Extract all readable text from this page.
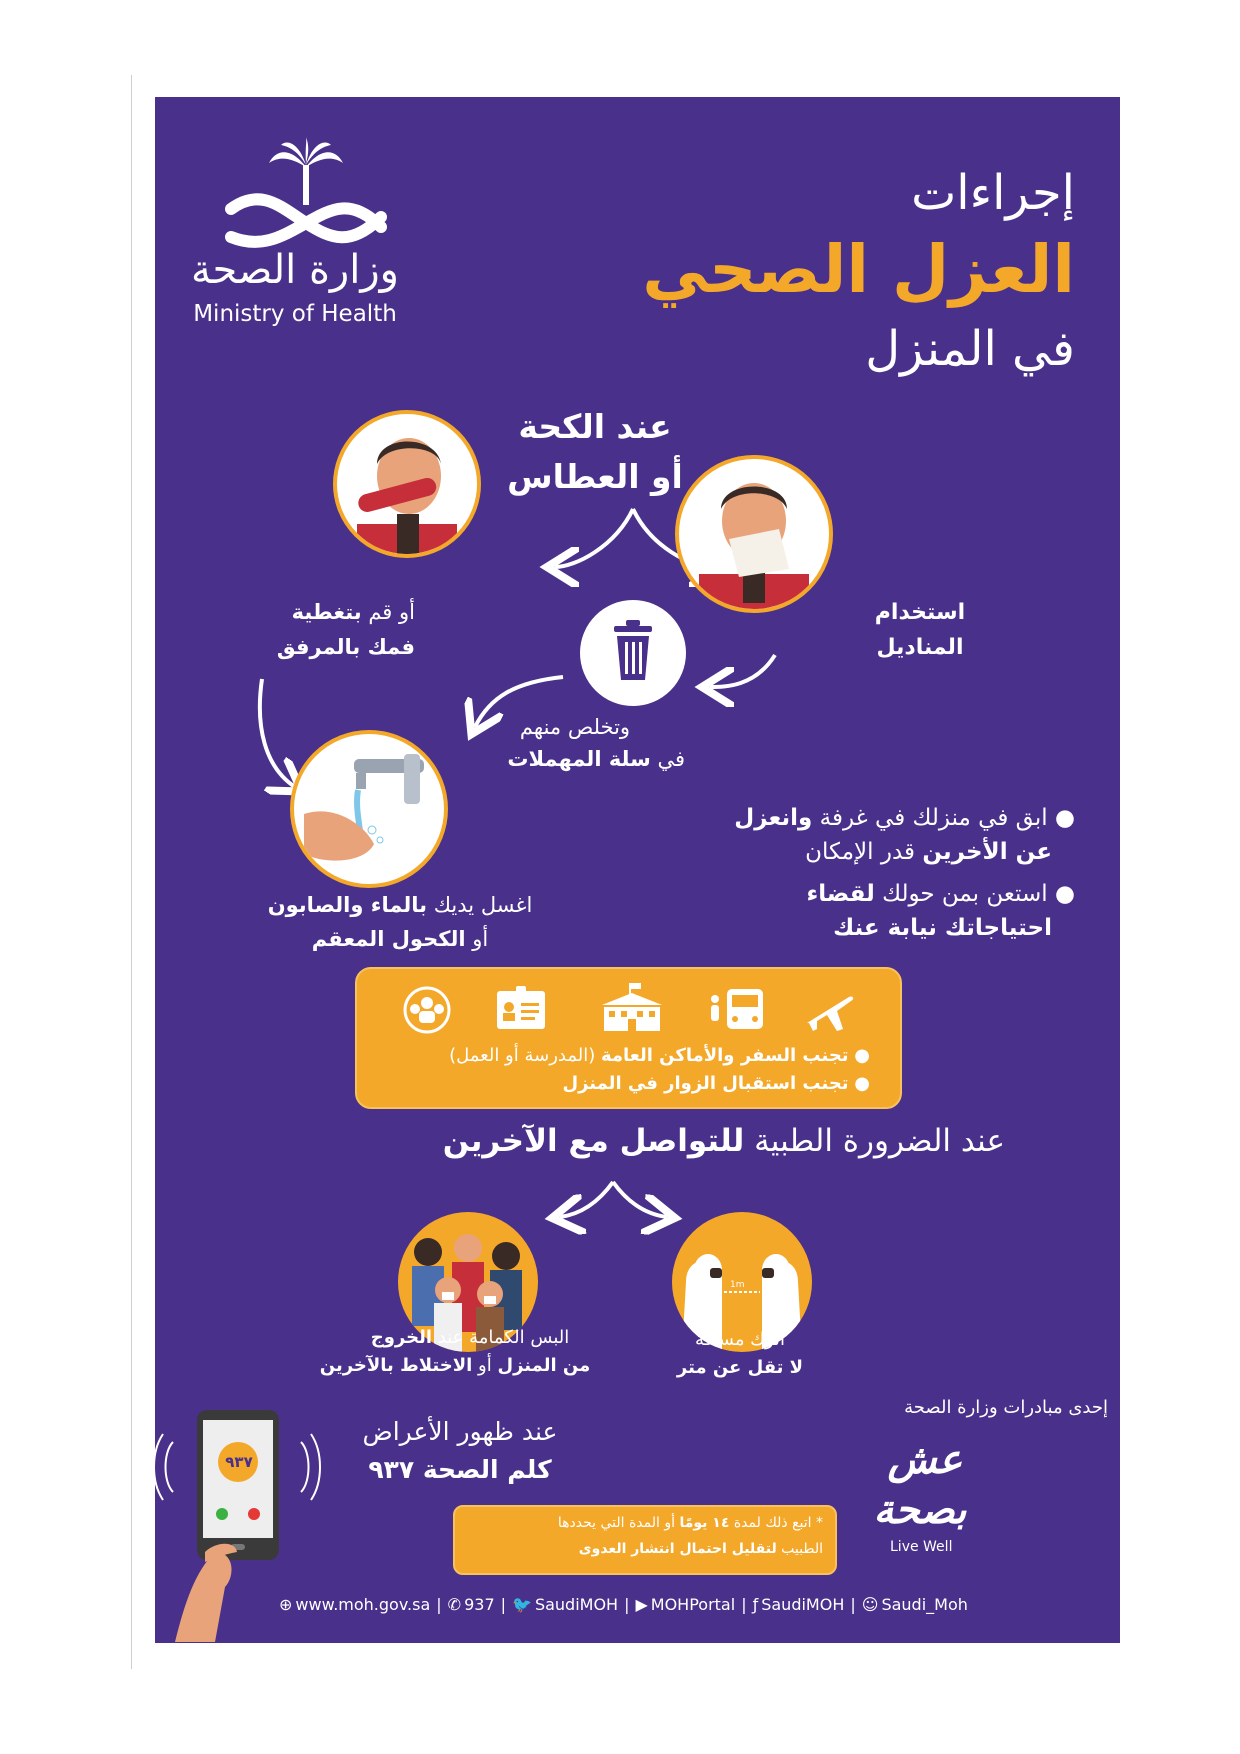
وزارة الصحة
Ministry of Health
إجراءات
العزل الصحي
في المنزل
عند الكحة
أو العطاس
أو قم بتغطية
فمك بالمرفق
استخدام
المناديل
وتخلص منهم
في سلة المهملات
اغسل يديك بالماء والصابون
أو الكحول المعقم
● ابق في منزلك في غرفة وانعزل
عن الأخرين قدر الإمكان
● استعن بمن حولك لقضاء
احتياجاتك نيابة عنك
● تجنب السفر والأماكن العامة (المدرسة أو العمل)
● تجنب استقبال الزوار في المنزل
عند الضرورة الطبية للتواصل مع الآخرين
1m
البس الكمامة عند الخروج
من المنزل أو الاختلاط بالآخرين
اترك مسافة
لا تقل عن متر
٩٣٧
عند ظهور الأعراض
كلم الصحة ٩٣٧
إحدى مبادرات وزارة الصحة
عش
بصحة
Live Well
* اتبع ذلك لمدة ١٤ يومًا أو المدة التي يحددها
الطبيب لتقليل احتمال انتشار العدوى
⊕ www.moh.gov.sa | ✆ 937 | 🐦 SaudiMOH | ▶ MOHPortal | ƒ SaudiMOH | ☺ Saudi_Moh
